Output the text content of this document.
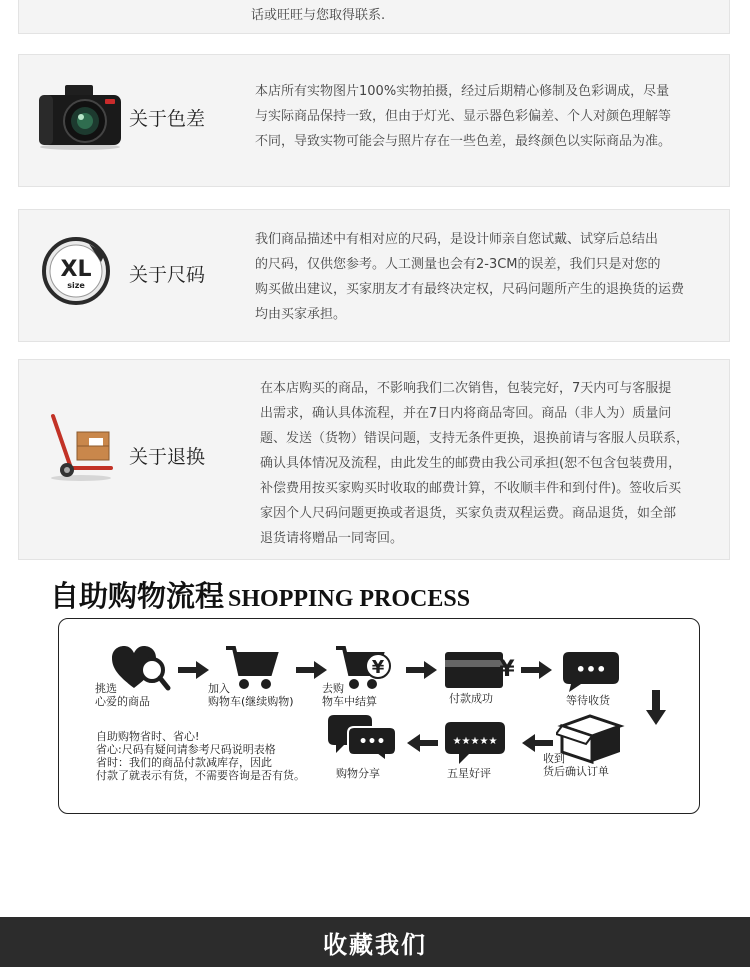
话或旺旺与您取得联系.
关于色差
本店所有实物图片100%实物拍摄，经过后期精心修制及色彩调成，尽量
与实际商品保持一致，但由于灯光、显示器色彩偏差、个人对颜色理解等
不同，导致实物可能会与照片存在一些色差，最终颜色以实际商品为准。
XL
size 关于尺码
我们商品描述中有相对应的尺码，是设计师亲自您试戴、试穿后总结出
的尺码，仅供您参考。人工测量也会有2-3CM的误差，我们只是对您的
购买做出建议，买家朋友才有最终决定权，尺码问题所产生的退换货的运费
均由买家承担。
关于退换
在本店购买的商品，不影响我们二次销售，包装完好，7天内可与客服提
出需求，确认具体流程，并在7日内将商品寄回。商品（非人为）质量问
题、发送（货物）错误问题，支持无条件更换，退换前请与客服人员联系，
确认具体情况及流程，由此发生的邮费由我公司承担(恕不包含包装费用，
补偿费用按买家购买时收取的邮费计算，不收顺丰件和到付件)。签收后买
家因个人尺码问题更换或者退货，买家负责双程运费。商品退货，如全部
退货请将赠品一同寄回。
自助购物流程 SHOPPING PROCESS
挑选
心爱的商品
加入
购物车(继续购物)
¥
去购
物车中结算
¥
付款成功
•••
等待收货
收到
货后确认订单
★★★★★
五星好评
•••
购物分享
自助购物省时、省心!
省心:尺码有疑问请参考尺码说明表格
省时：我们的商品付款减库存，因此
付款了就表示有货，不需要咨询是否有货。
收藏我们
